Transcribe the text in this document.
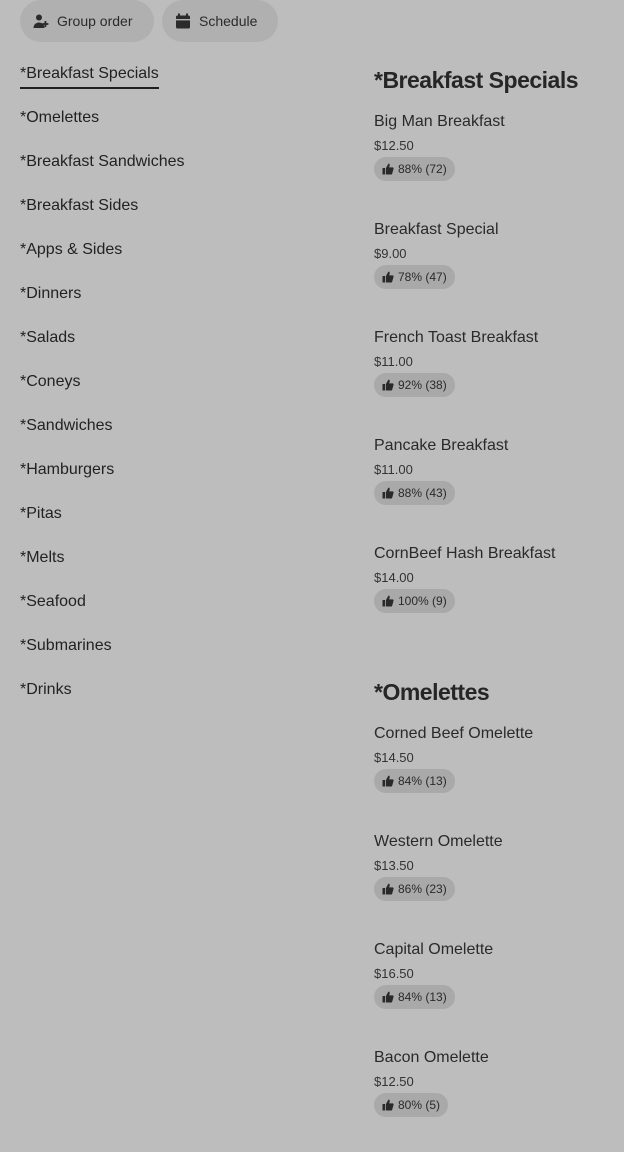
Group order	Schedule
*Breakfast Specials
*Omelettes
*Breakfast Sandwiches
*Breakfast Sides
*Apps & Sides
*Dinners
*Salads
*Coneys
*Sandwiches
*Hamburgers
*Pitas
*Melts
*Seafood
*Submarines
*Drinks
*Breakfast Specials
Big Man Breakfast
$12.50
88% (72)
Breakfast Special
$9.00
78% (47)
French Toast Breakfast
$11.00
92% (38)
Pancake Breakfast
$11.00
88% (43)
CornBeef Hash Breakfast
$14.00
100% (9)
*Omelettes
Corned Beef Omelette
$14.50
84% (13)
Western Omelette
$13.50
86% (23)
Capital Omelette
$16.50
84% (13)
Bacon Omelette
$12.50
80% (5)
